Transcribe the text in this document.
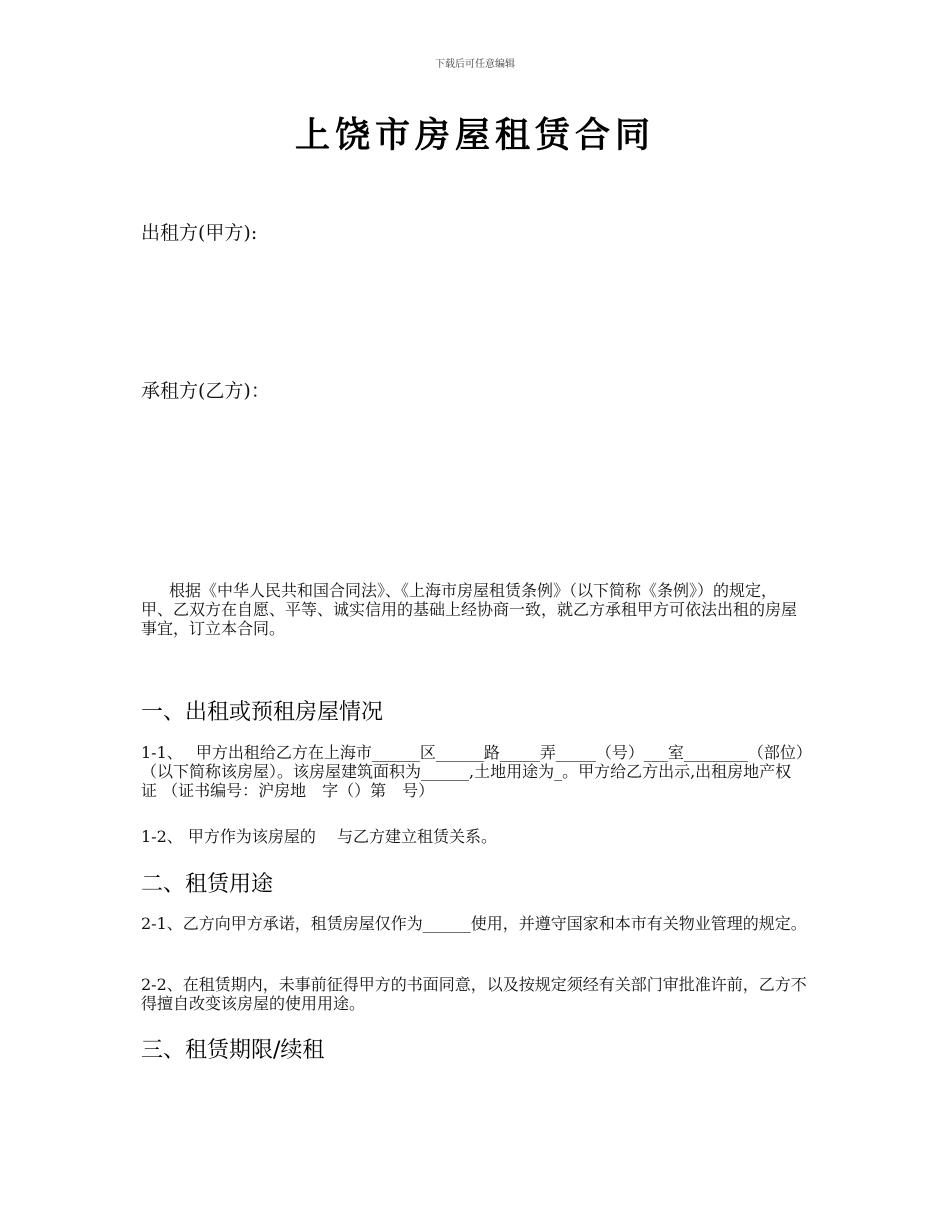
下载后可任意编辑
上饶市房屋租赁合同
出租方(甲方):
承租方(乙方)：
根据《中华人民共和国合同法》、《上海市房屋租赁条例》（以下简称《条例》）的规定，甲、乙双方在自愿、平等、诚实信用的基础上经协商一致，就乙方承租甲方可依法出租的房屋事宜，订立本合同。
一、出租或预租房屋情况
1-1、　 甲方出租给乙方在上海市______区______路_____弄_____（号）___室________（部位）（以下简称该房屋）。该房屋建筑面积为______,土地用途为_。甲方给乙方出示,出租房地产权证 （证书编号：沪房地　字（）第　号）
1-2、 甲方作为该房屋的　 与乙方建立租赁关系。
二、租赁用途
2-1、乙方向甲方承诺，租赁房屋仅作为______使用，并遵守国家和本市有关物业管理的规定。
2-2、在租赁期内，未事前征得甲方的书面同意，以及按规定须经有关部门审批准许前，乙方不得擅自改变该房屋的使用用途。
三、租赁期限/续租
